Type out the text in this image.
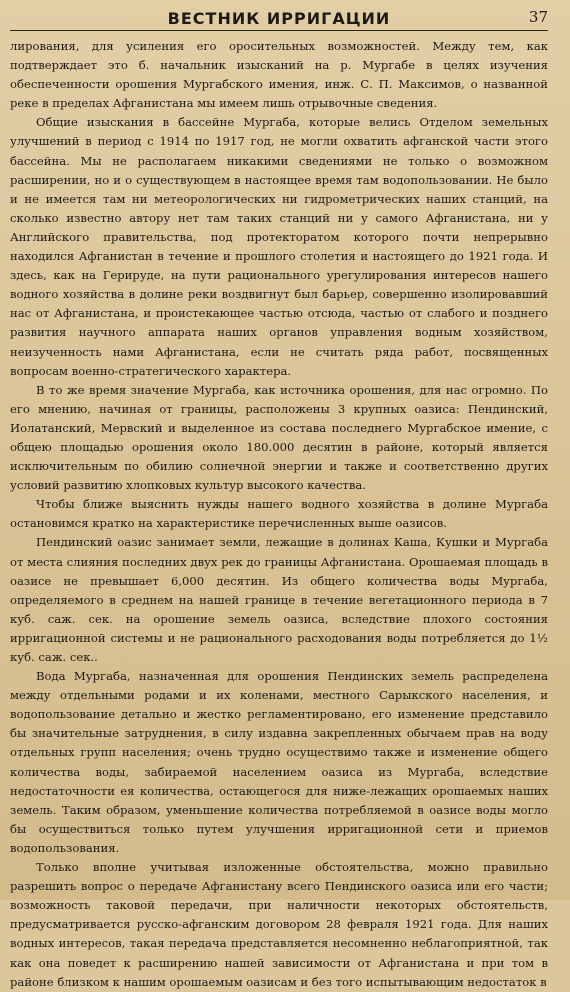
ВЕСТНИК ИРРИГАЦИИ	37

лирования, для усиления его оросительных возможностей. Между тем, как подтверждает это б. начальник изысканий на р. Мургабе в целях изучения обеспеченности орошения Мургабского имения, инж. С. П. Максимов, о названной реке в пределах Афганистана мы имеем лишь отрывочные сведения.

Общие изыскания в бассейне Мургаба, которые велись Отделом земельных улучшений в период с 1914 по 1917 год, не могли охватить афганской части этого бассейна. Мы не располагаем никакими сведениями не только о возможном расширении, но и о существующем в настоящее время там водопользовании. Не было и не имеется там ни метеорологических ни гидрометрических наших станций, на сколько известно автору нет там таких станций ни у самого Афганистана, ни у Английского правительства, под протекторатом которого почти непрерывно находился Афганистан в течение и прошлого столетия и настоящего до 1921 года. И здесь, как на Герируде, на пути рационального урегулирования интересов нашего водного хозяйства в долине реки воздвигнут был барьер, совершенно изолировавший нас от Афганистана, и проистекающее частью отсюда, частью от слабого и позднего развития научного аппарата наших органов управления водным хозяйством, неизученность нами Афганистана, если не считать ряда работ, посвященных вопросам военно-стратегического характера.

В то же время значение Мургаба, как источника орошения, для нас огромно. По его мнению, начиная от границы, расположены 3 крупных оазиса: Пендинский, Иолатанский, Мервский и выделенное из состава последнего Мургабское имение, с общею площадью орошения около 180.000 десятин в районе, который является исключительным по обилию солнечной энергии и также и соответственно других условий развитию хлопковых культур высокого качества.

Чтобы ближе выяснить нужды нашего водного хозяйства в долине Мургаба остановимся кратко на характеристике перечисленных выше оазисов.

Пендинский оазис занимает земли, лежащие в долинах Каша, Кушки и Мургаба от места слияния последних двух рек до границы Афганистана. Орошаемая площадь в оазисе не превышает 6,000 десятин. Из общего количества воды Мургаба, определяемого в среднем на нашей границе в течение вегетационного периода в 7 куб. саж. сек. на орошение земель оазиса, вследствие плохого состояния ирригационной системы и не рационального расходования воды потребляется до 1½ куб. саж. сек..

Вода Мургаба, назначенная для орошения Пендинских земель распределена между отдельными родами и их коленами, местного Сарыкского населения, и водопользование детально и жестко регламентировано, его изменение представило бы значительные затруднения, в силу издавна закрепленных обычаем прав на воду отдельных групп населения; очень трудно осуществимо также и изменение общего количества воды, забираемой населением оазиса из Мургаба, вследствие недостаточности ея количества, остающегося для ниже-лежащих орошаемых наших земель. Таким образом, уменьшение количества потребляемой в оазисе воды могло бы осуществиться только путем улучшения ирригационной сети и приемов водопользования.

Только вполне учитывая изложенные обстоятельства, можно правильно разрешить вопрос о передаче Афганистану всего Пендинского оазиса или его части; возможность таковой передачи, при наличности некоторых обстоятельств, предусматривается русско-афганским договором 28 февраля 1921 года. Для наших водных интересов, такая передача представляется несомненно неблагоприятной, так как она поведет к расширению нашей зависимости от Афганистана и при том в районе близком к нашим орошаемым оазисам и без того испытывающим недостаток в
